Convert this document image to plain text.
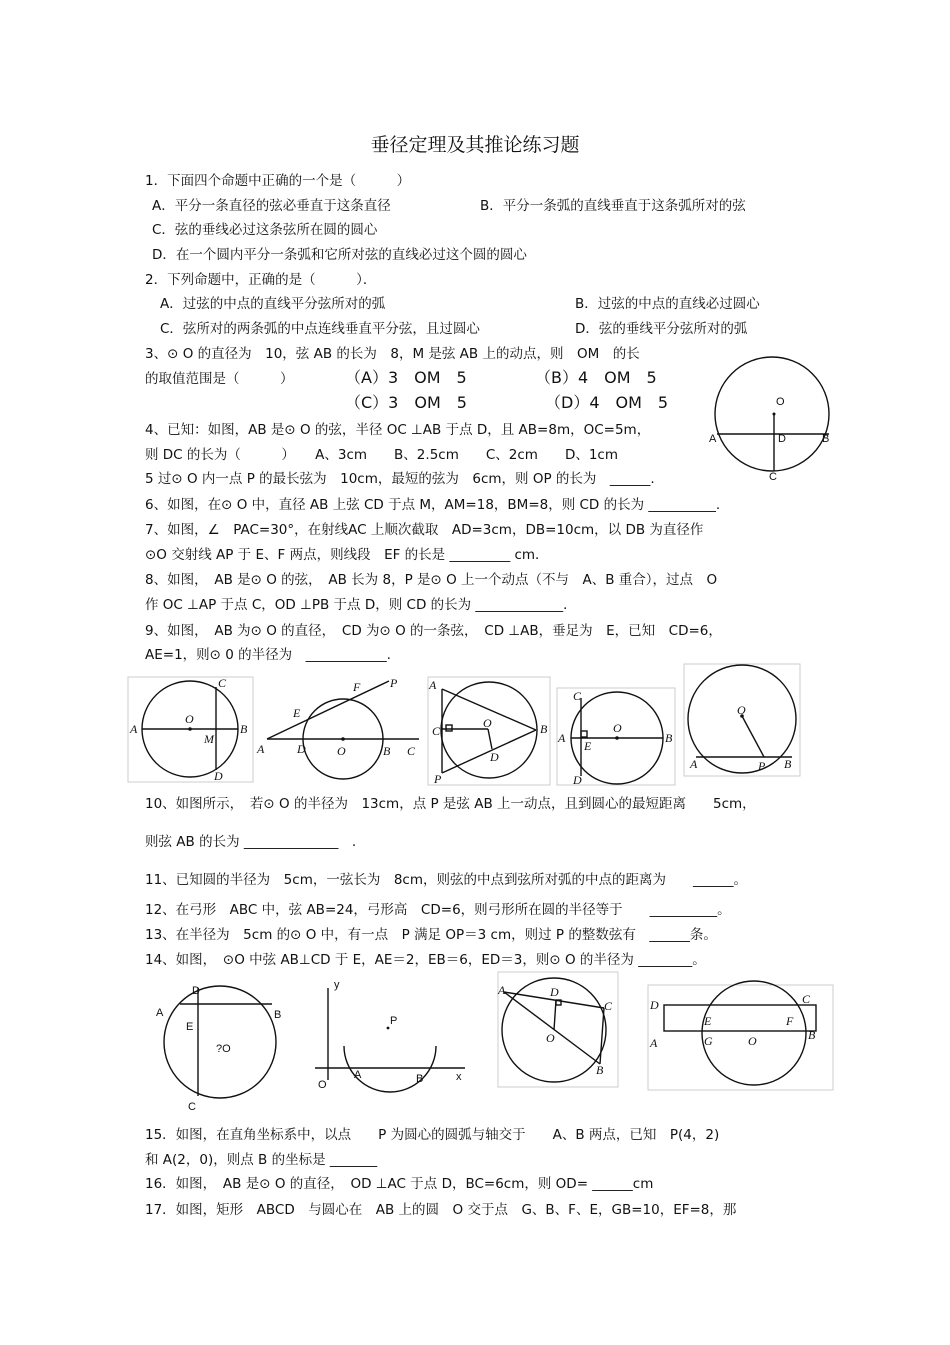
垂径定理及其推论练习题
1．下面四个命题中正确的一个是（　　　）
A．平分一条直径的弦必垂直于这条直径	B．平分一条弧的直线垂直于这条弧所对的弦
C．弦的垂线必过这条弦所在圆的圆心
D．在一个圆内平分一条弧和它所对弦的直线必过这个圆的圆心
2．下列命题中，正确的是（　　　）．
A．过弦的中点的直线平分弦所对的弧	B．过弦的中点的直线必过圆心
C．弦所对的两条弧的中点连线垂直平分弦，且过圆心	D．弦的垂线平分弦所对的弧
3、⊙ O 的直径为　10，弦 AB 的长为　8，M 是弦 AB 上的动点，则　OM　的长
的取值范围是（　　　）	（A）3　OM　5	（B）4　OM　5
（C）3　OM　5	（D）4　OM　5	O
A	B
D
C
4、已知：如图，AB 是⊙ O 的弦，半径 OC ⊥AB 于点 D，且 AB=8m，OC=5m，
则 DC 的长为（　　　）　　A、3cm　　B、2.5cm　　C、2cm　　D、1cm
5 过⊙ O 内一点 P 的最长弦为　10cm，最短的弦为　6cm，则 OP 的长为　______.
6、如图，在⊙ O 中，直径 AB 上弦 CD 于点 M，AM=18，BM=8，则 CD 的长为 __________.
7、如图，∠　PAC=30°，在射线AC 上顺次截取　AD=3cm，DB=10cm，以 DB 为直径作
⊙O 交射线 AP 于 E、F 两点，则线段　EF 的长是 _________ cm．
8、如图，　AB 是⊙ O 的弦，　AB 长为 8，P 是⊙ O 上一个动点（不与　A、B 重合），过点　O
作 OC ⊥AP 于点 C，OD ⊥PB 于点 D，则 CD 的长为 _____________．
9、如图，　AB 为⊙ O 的直径，　CD 为⊙ O 的一条弦，　CD ⊥AB，垂足为　E，已知　CD=6，
AE=1，则⊙ 0 的半径为　____________.
O
A	B
C
D
M
A	D	O	B C
E
F P	A
B
C
D
O
P
A	B
C
D
E
O
O
A	P B
10、如图所示，　若⊙ O 的半径为　13cm，点 P 是弦 AB 上一动点，且到圆心的最短距离　　5cm，
则弦 AB 的长为 ______________　.
11、已知圆的半径为　5cm，一弦长为　8cm，则弦的中点到弦所对弧的中点的距离为　　______。
12、在弓形　ABC 中，弦 AB=24，弓形高　CD=6，则弓形所在圆的半径等于　　__________。
13、在半径为　5cm 的⊙ O 中，有一点　P 满足 OP＝3 cm，则过 P 的整数弦有　______条。
14、如图，　⊙O 中弦 AB⊥CD 于 E，AE＝2，EB＝6，ED＝3，则⊙ O 的半径为 ________。
D
A	B
E
?O
C
y
x
P
O
A	B
A	D
C
O
B
D	C
E	F
A	G	O	B
15．如图，在直角坐标系中，以点　　P 为圆心的圆弧与轴交于　　A、B 两点，已知　P(4，2)
和 A(2，0)，则点 B 的坐标是 _______
16．如图，　AB 是⊙ O 的直径，　OD ⊥AC 于点 D，BC=6cm，则 OD= ______cm
17．如图，矩形　ABCD　与圆心在　AB 上的圆　O 交于点　G、B、F、E，GB=10，EF=8，那
